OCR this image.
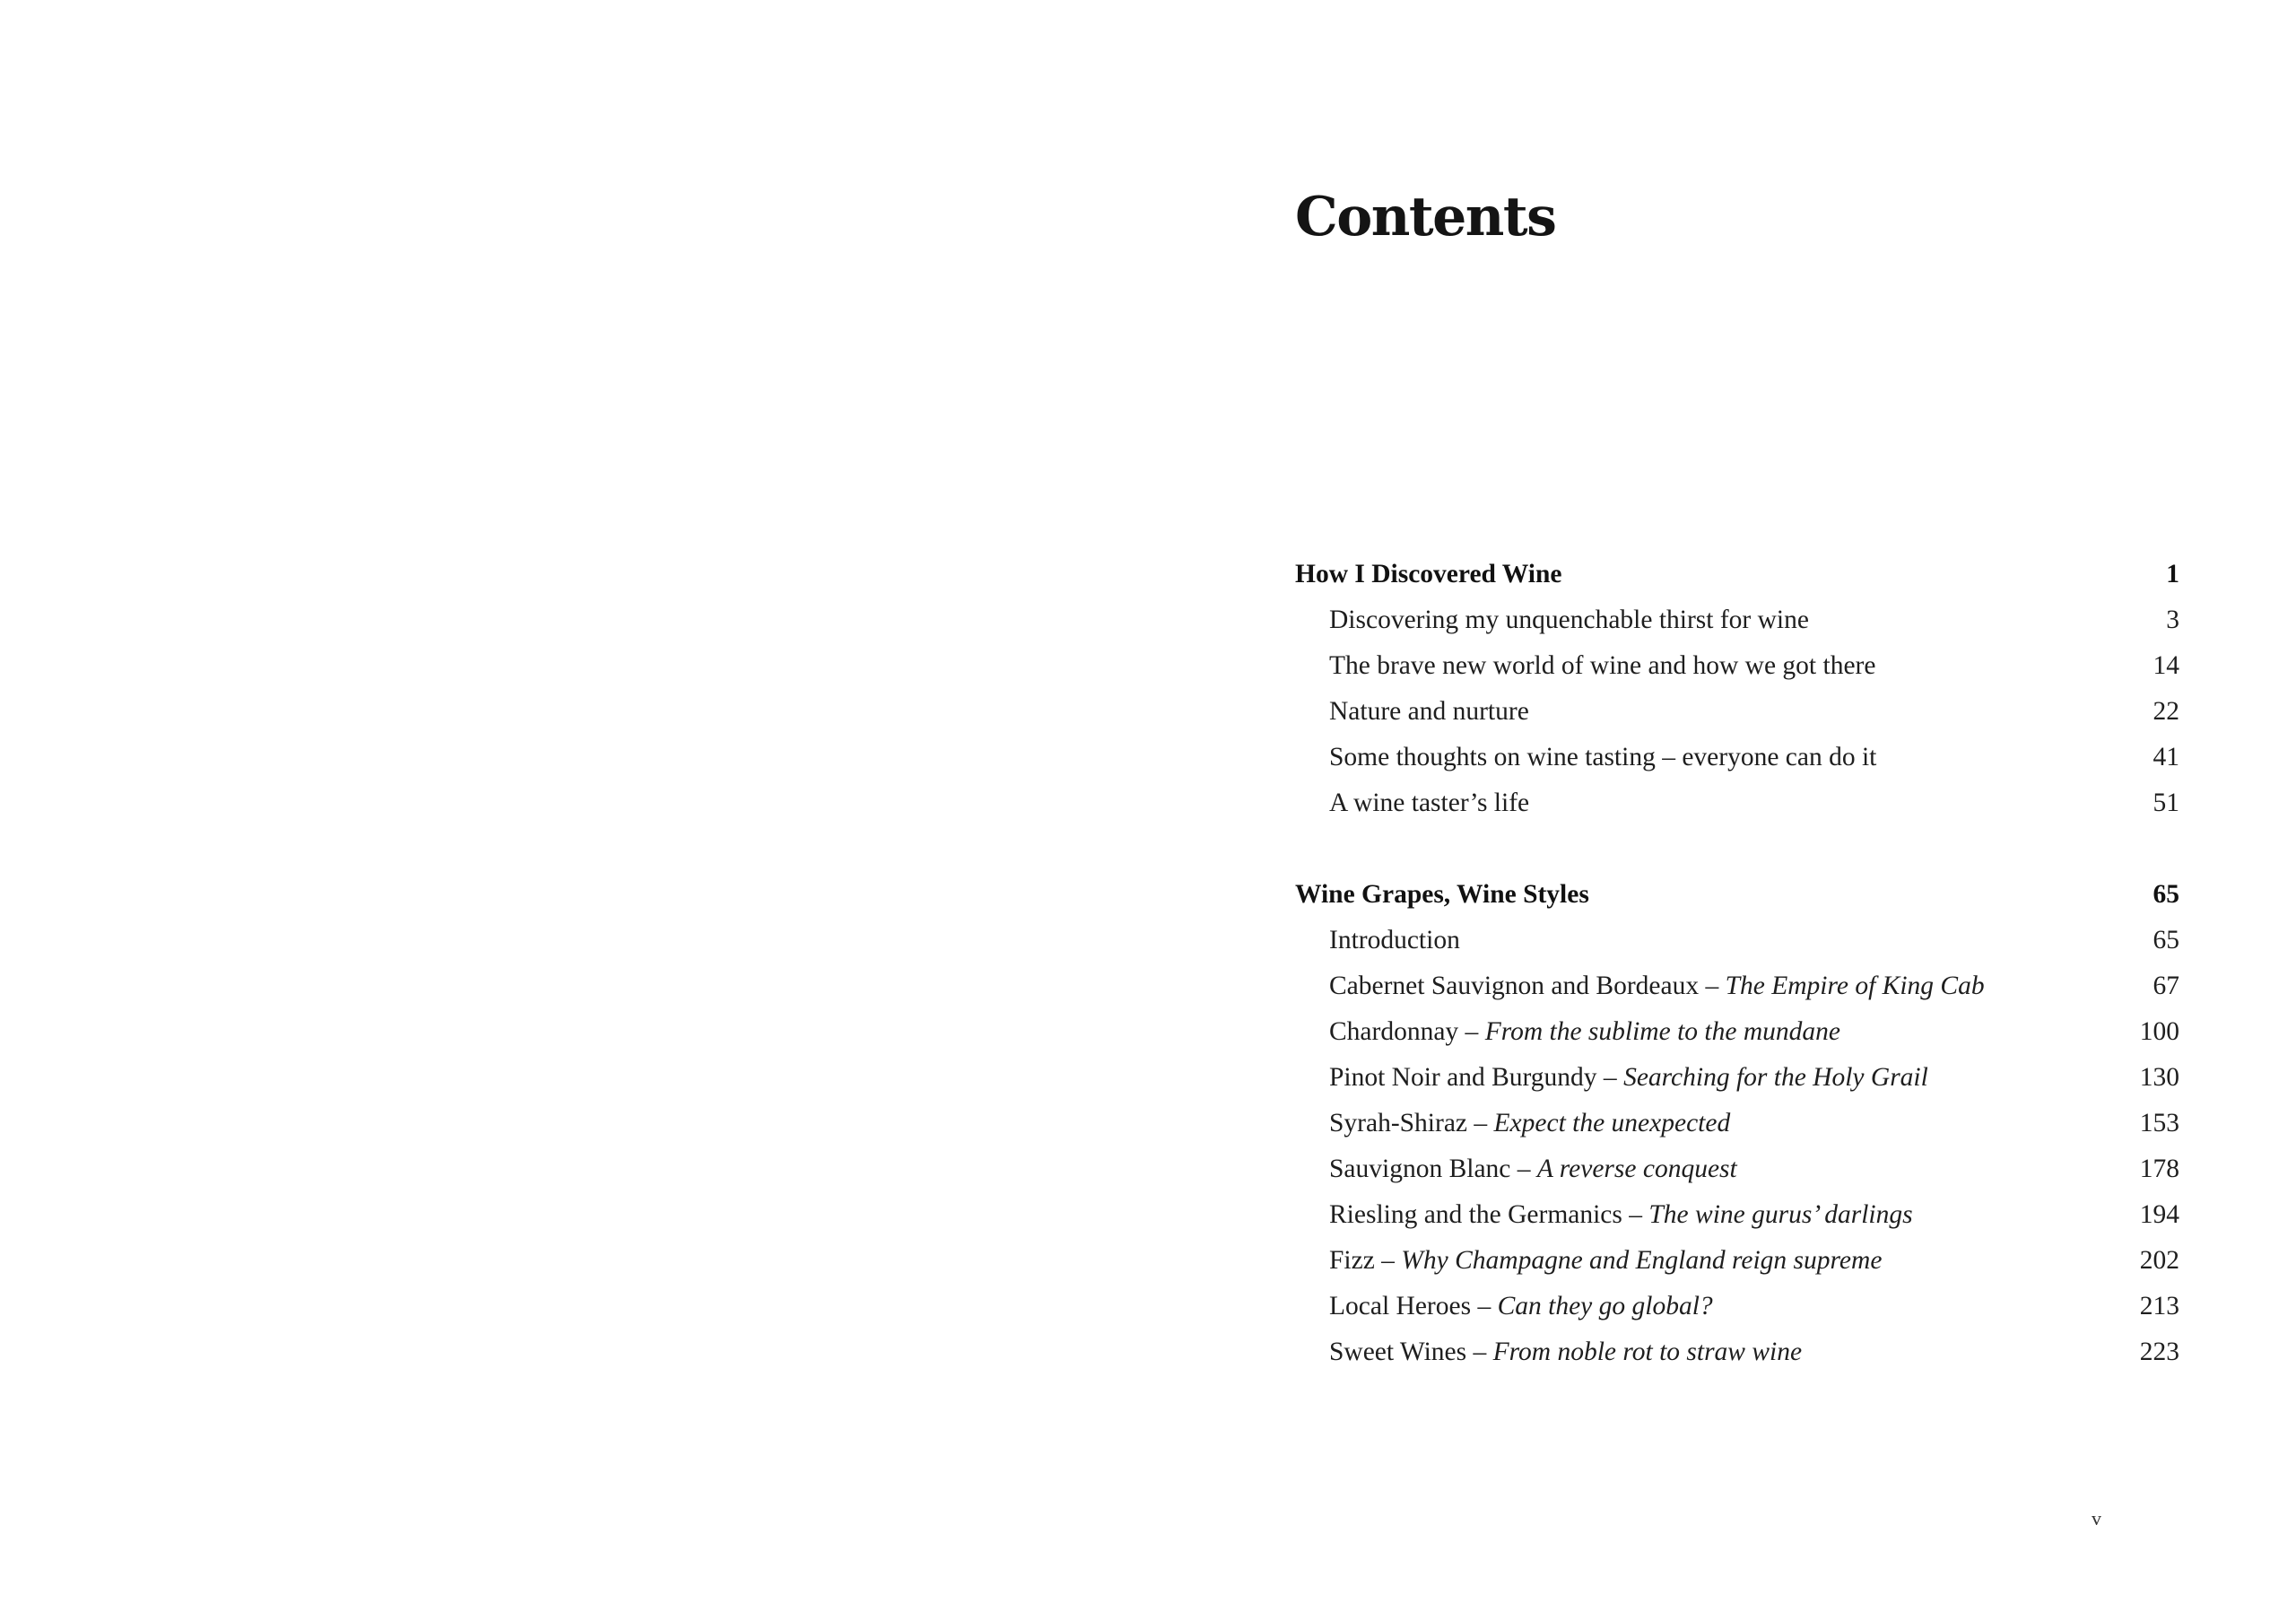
Contents
How I Discovered Wine	1
Discovering my unquenchable thirst for wine	3
The brave new world of wine and how we got there	14
Nature and nurture	22
Some thoughts on wine tasting – everyone can do it	41
A wine taster’s life	51
Wine Grapes, Wine Styles	65
Introduction	65
Cabernet Sauvignon and Bordeaux – The Empire of King Cab	67
Chardonnay – From the sublime to the mundane	100
Pinot Noir and Burgundy – Searching for the Holy Grail	130
Syrah-Shiraz – Expect the unexpected	153
Sauvignon Blanc – A reverse conquest	178
Riesling and the Germanics – The wine gurus’ darlings	194
Fizz – Why Champagne and England reign supreme	202
Local Heroes – Can they go global?	213
Sweet Wines – From noble rot to straw wine	223
v
